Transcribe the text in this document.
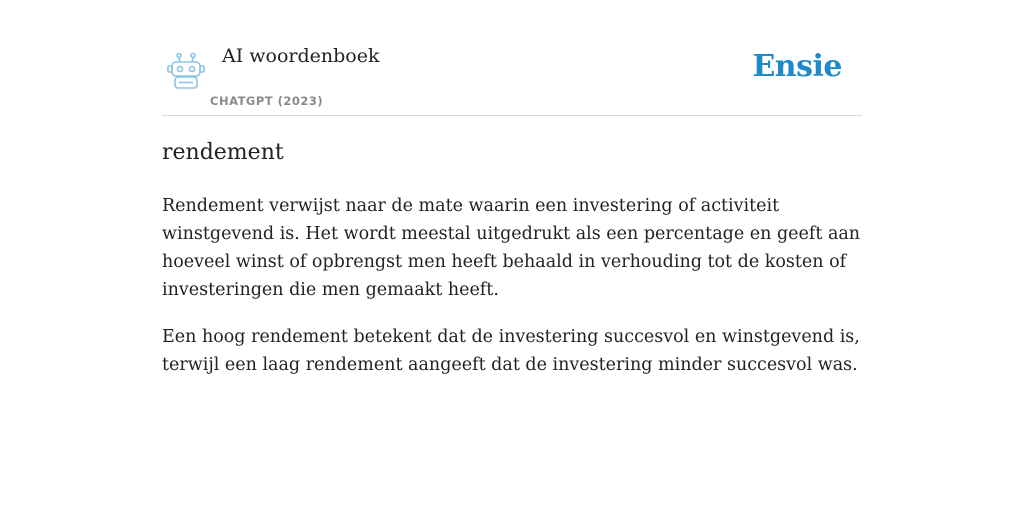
AI woordenboek
CHATGPT (2023)
Ensie
rendement

Rendement verwijst naar de mate waarin een investering of activiteit winstgevend is. Het wordt meestal uitgedrukt als een percentage en geeft aan hoeveel winst of opbrengst men heeft behaald in verhouding tot de kosten of investeringen die men gemaakt heeft.

Een hoog rendement betekent dat de investering succesvol en winstgevend is, terwijl een laag rendement aangeeft dat de investering minder succesvol was.
